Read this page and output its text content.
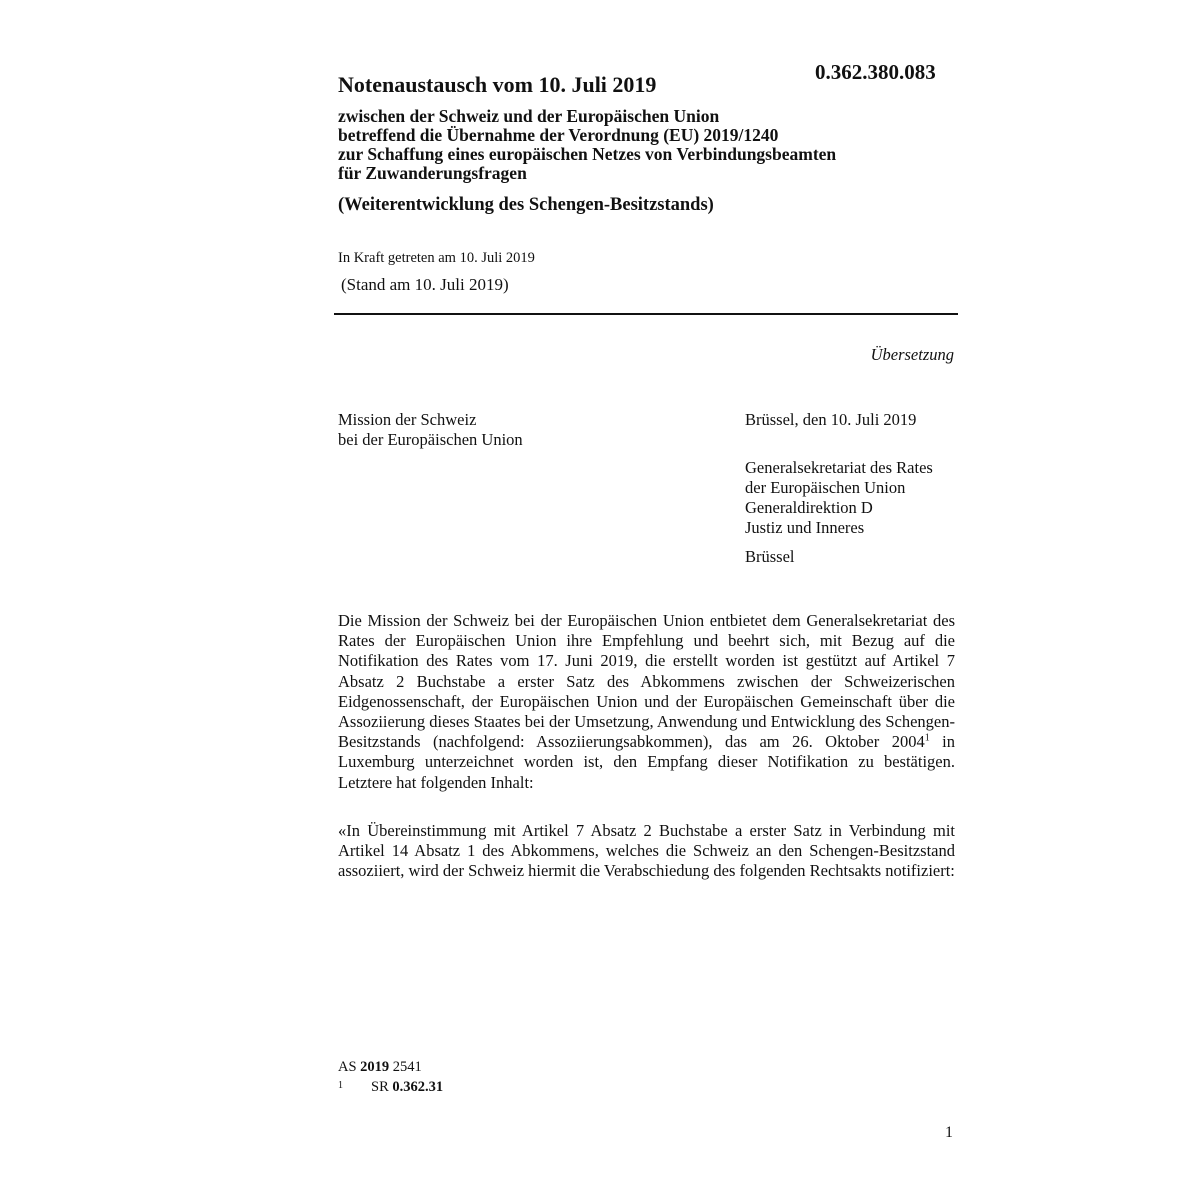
0.362.380.083
Notenaustausch vom 10. Juli 2019
zwischen der Schweiz und der Europäischen Union
betreffend die Übernahme der Verordnung (EU) 2019/1240
zur Schaffung eines europäischen Netzes von Verbindungsbeamten
für Zuwanderungsfragen
(Weiterentwicklung des Schengen-Besitzstands)
In Kraft getreten am 10. Juli 2019
(Stand am 10. Juli 2019)
Übersetzung
Mission der Schweiz
bei der Europäischen Union
Brüssel, den 10. Juli 2019
Generalsekretariat des Rates
der Europäischen Union
Generaldirektion D
Justiz und Inneres
Brüssel

Die Mission der Schweiz bei der Europäischen Union entbietet dem Generalsekretariat des Rates der Europäischen Union ihre Empfehlung und beehrt sich, mit Bezug auf die Notifikation des Rates vom 17. Juni 2019, die erstellt worden ist gestützt auf Artikel 7 Absatz 2 Buchstabe a erster Satz des Abkommens zwischen der Schweizerischen Eidgenossenschaft, der Europäischen Union und der Europäischen Gemeinschaft über die Assoziierung dieses Staates bei der Umsetzung, Anwendung und Entwicklung des Schengen-Besitzstands (nachfolgend: Assoziierungsabkommen), das am 26. Oktober 2004$^1$ in Luxemburg unterzeichnet worden ist, den Empfang dieser Notifikation zu bestätigen. Letztere hat folgenden Inhalt:

«In Übereinstimmung mit Artikel 7 Absatz 2 Buchstabe a erster Satz in Verbindung mit Artikel 14 Absatz 1 des Abkommens, welches die Schweiz an den Schengen-Besitzstand assoziiert, wird der Schweiz hiermit die Verabschiedung des folgenden Rechtsakts notifiziert:

AS 2019 2541
1 SR 0.362.31
1
